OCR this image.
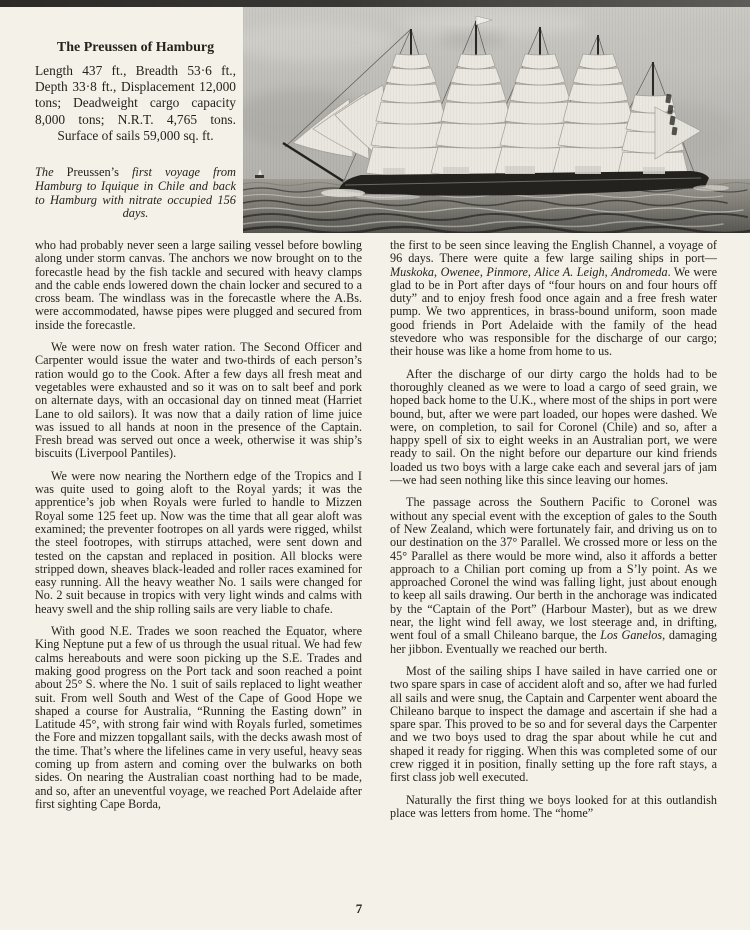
The Preussen of Hamburg

Length 437 ft., Breadth 53·6 ft., Depth 33·8 ft., Displacement 12,000 tons; Deadweight cargo capacity 8,000 tons; N.R.T. 4,765 tons. Surface of sails 59,000 sq. ft.

The Preussen’s first voyage from Hamburg to Iquique in Chile and back to Hamburg with nitrate occupied 156 days.

who had probably never seen a large sailing vessel before bowling along under storm canvas. The anchors we now brought on to the forecastle head by the fish tackle and secured with heavy clamps and the cable ends lowered down the chain locker and secured to a cross beam. The windlass was in the forecastle where the A.Bs. were accommodated, hawse pipes were plugged and secured from inside the forecastle.

We were now on fresh water ration. The Second Officer and Carpenter would issue the water and two-thirds of each person’s ration would go to the Cook. After a few days all fresh meat and vegetables were exhausted and so it was on to salt beef and pork on alternate days, with an occasional day on tinned meat (Harriet Lane to old sailors). It was now that a daily ration of lime juice was issued to all hands at noon in the presence of the Captain. Fresh bread was served out once a week, otherwise it was ship’s biscuits (Liverpool Pantiles).

We were now nearing the Northern edge of the Tropics and I was quite used to going aloft to the Royal yards; it was the apprentice’s job when Royals were furled to handle to Mizzen Royal some 125 feet up. Now was the time that all gear aloft was examined; the preventer footropes on all yards were rigged, whilst the steel footropes, with stirrups attached, were sent down and tested on the capstan and replaced in position. All blocks were stripped down, sheaves black-leaded and roller races examined for easy running. All the heavy weather No. 1 sails were changed for No. 2 suit because in tropics with very light winds and calms with heavy swell and the ship rolling sails are very liable to chafe.

With good N.E. Trades we soon reached the Equator, where King Neptune put a few of us through the usual ritual. We had few calms hereabouts and were soon picking up the S.E. Trades and making good progress on the Port tack and soon reached a point about 25° S. where the No. 1 suit of sails replaced to light weather suit. From well South and West of the Cape of Good Hope we shaped a course for Australia, “Running the Easting down” in Latitude 45°, with strong fair wind with Royals furled, sometimes the Fore and mizzen topgallant sails, with the decks awash most of the time. That’s where the lifelines came in very useful, heavy seas coming up from astern and coming over the bulwarks on both sides. On nearing the Australian coast northing had to be made, and so, after an uneventful voyage, we reached Port Adelaide after first sighting Cape Borda,

the first to be seen since leaving the English Channel, a voyage of 96 days. There were quite a few large sailing ships in port—Muskoka, Owenee, Pinmore, Alice A. Leigh, Andromeda. We were glad to be in Port after days of “four hours on and four hours off duty” and to enjoy fresh food once again and a free fresh water pump. We two apprentices, in brass-bound uniform, soon made good friends in Port Adelaide with the family of the head stevedore who was responsible for the discharge of our cargo; their house was like a home from home to us.

After the discharge of our dirty cargo the holds had to be thoroughly cleaned as we were to load a cargo of seed grain, we hoped back home to the U.K., where most of the ships in port were bound, but, after we were part loaded, our hopes were dashed. We were, on completion, to sail for Coronel (Chile) and so, after a happy spell of six to eight weeks in an Australian port, we were ready to sail. On the night before our departure our kind friends loaded us two boys with a large cake each and several jars of jam—we had seen nothing like this since leaving our homes.

The passage across the Southern Pacific to Coronel was without any special event with the exception of gales to the South of New Zealand, which were fortunately fair, and driving us on to our destination on the 37° Parallel. We crossed more or less on the 45° Parallel as there would be more wind, also it affords a better approach to a Chilian port coming up from a S’ly point. As we approached Coronel the wind was falling light, just about enough to keep all sails drawing. Our berth in the anchorage was indicated by the “Captain of the Port” (Harbour Master), but as we drew near, the light wind fell away, we lost steerage and, in drifting, went foul of a small Chileano barque, the Los Ganelos, damaging her jibbon. Eventually we reached our berth.

Most of the sailing ships I have sailed in have carried one or two spare spars in case of accident aloft and so, after we had furled all sails and were snug, the Captain and Carpenter went aboard the Chileano barque to inspect the damage and ascertain if she had a spare spar. This proved to be so and for several days the Carpenter and we two boys used to drag the spar about while he cut and shaped it ready for rigging. When this was completed some of our crew rigged it in position, finally setting up the fore raft stays, a first class job well executed.

Naturally the first thing we boys looked for at this outlandish place was letters from home. The “home”

7
